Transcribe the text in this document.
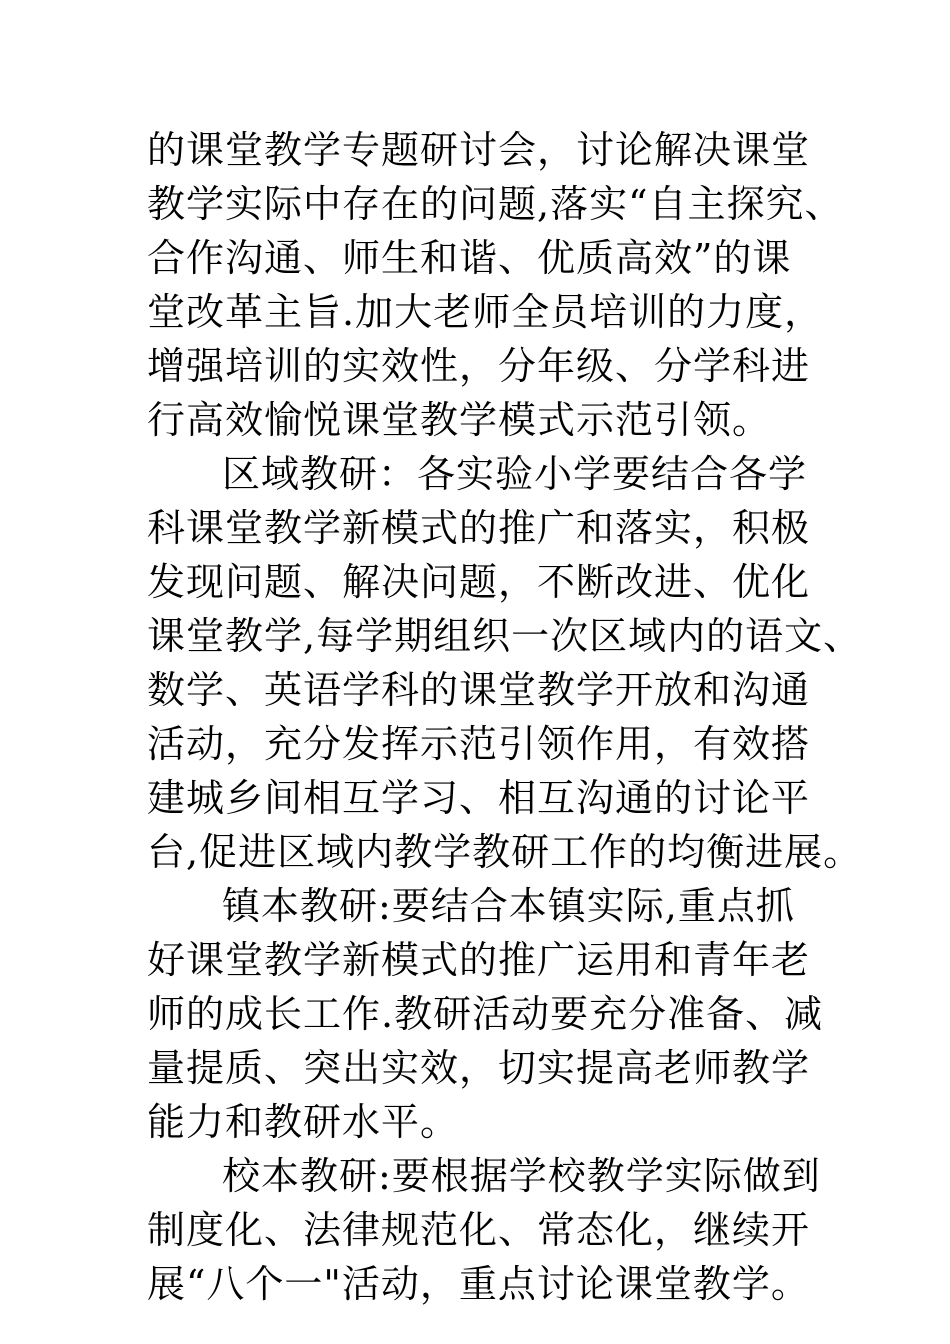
的课堂教学专题研讨会，讨论解决课堂
教学实际中存在的问题,落实“自主探究、
合作沟通、师生和谐、优质高效”的课
堂改革主旨.加大老师全员培训的力度，
增强培训的实效性，分年级、分学科进
行高效愉悦课堂教学模式示范引领。
区域教研：各实验小学要结合各学
科课堂教学新模式的推广和落实，积极
发现问题、解决问题，不断改进、优化
课堂教学,每学期组织一次区域内的语文、
数学、英语学科的课堂教学开放和沟通
活动，充分发挥示范引领作用，有效搭
建城乡间相互学习、相互沟通的讨论平
台,促进区域内教学教研工作的均衡进展。
镇本教研:要结合本镇实际,重点抓
好课堂教学新模式的推广运用和青年老
师的成长工作.教研活动要充分准备、减
量提质、突出实效，切实提高老师教学
能力和教研水平。
校本教研:要根据学校教学实际做到
制度化、法律规范化、常态化，继续开
展“八个一"活动，重点讨论课堂教学。
